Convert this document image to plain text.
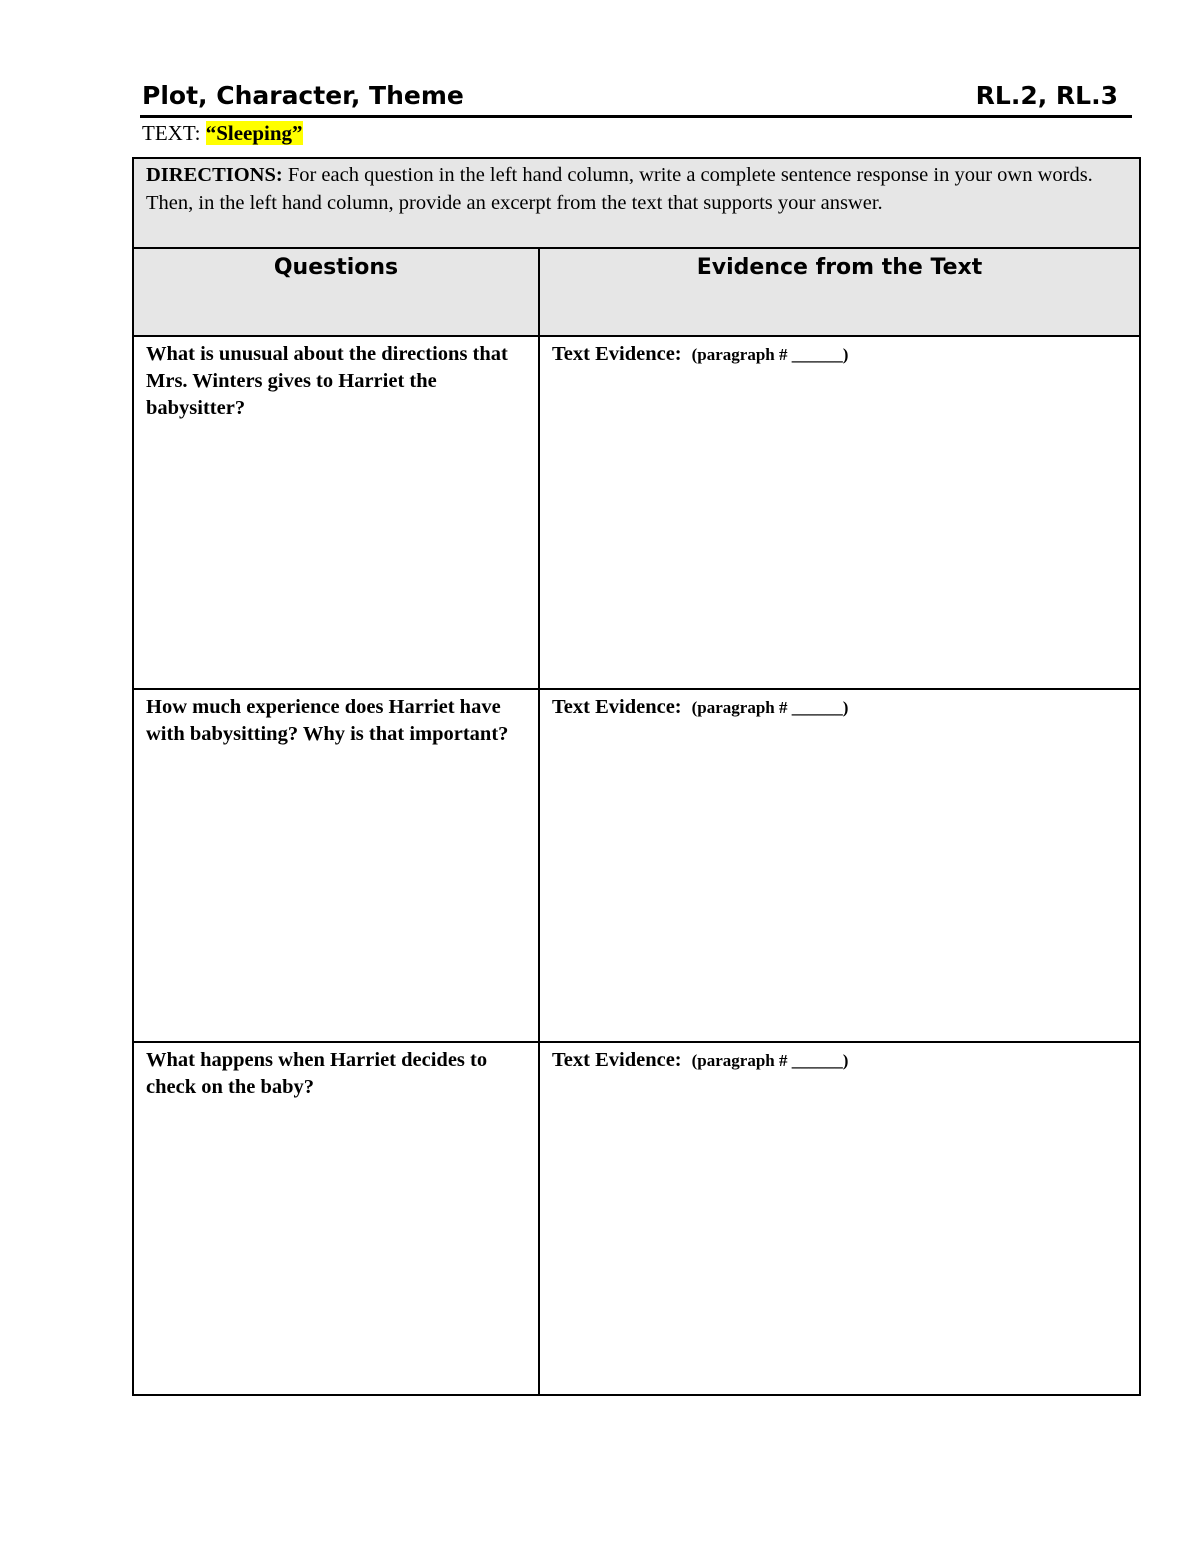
Plot, Character, Theme	RL.2, RL.3
TEXT: “Sleeping”
DIRECTIONS: For each question in the left hand column, write a complete sentence response in your own words. Then, in the left hand column, provide an excerpt from the text that supports your answer.	
Questions	Evidence from the Text
What is unusual about the directions that Mrs. Winters gives to Harriet the babysitter?	Text Evidence: (paragraph # ______)
How much experience does Harriet have with babysitting? Why is that important?	Text Evidence: (paragraph # ______)
What happens when Harriet decides to check on the baby?	Text Evidence: (paragraph # ______)
